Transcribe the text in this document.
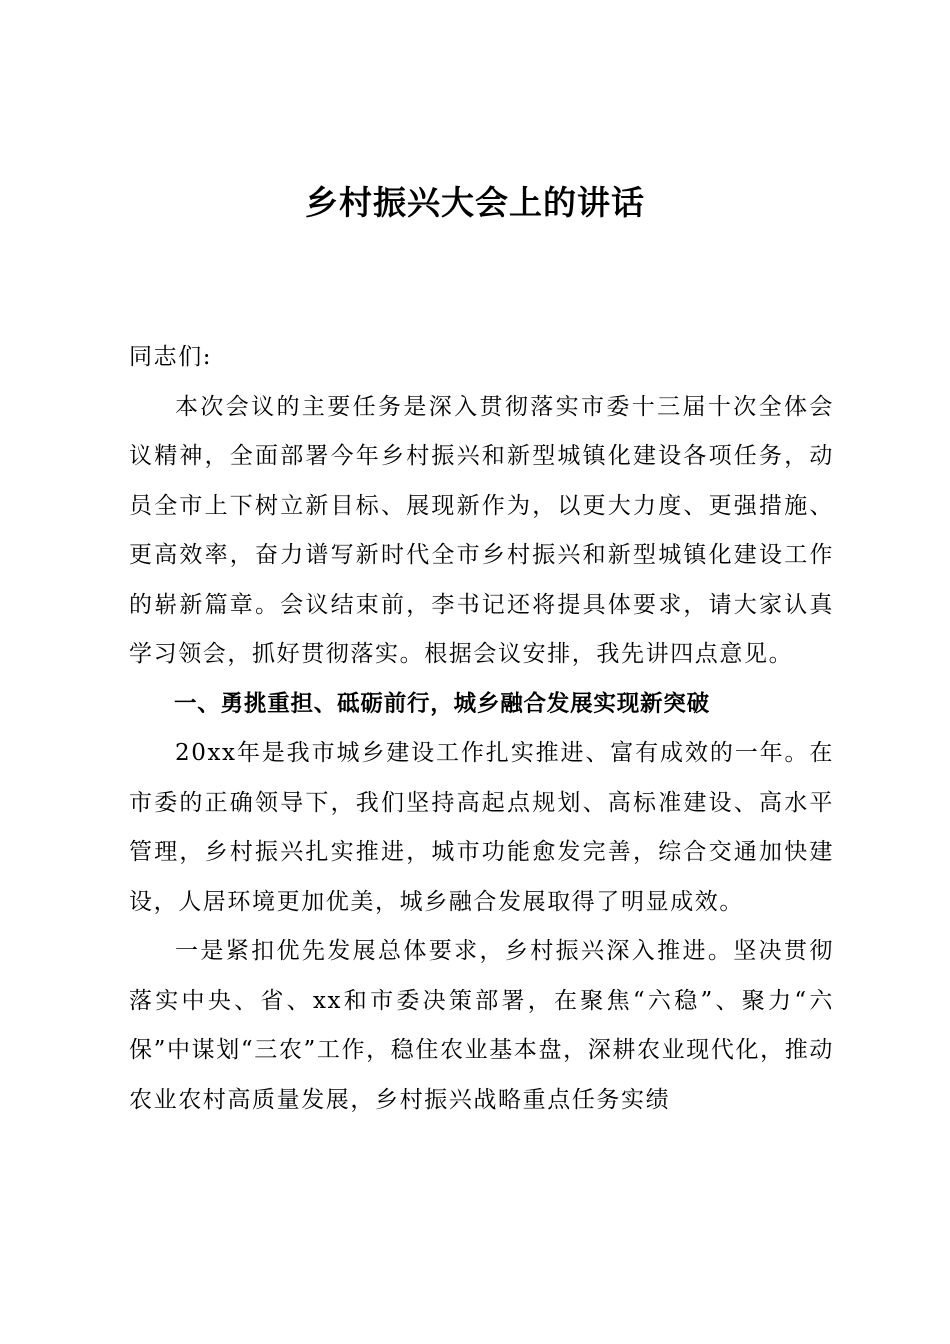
乡村振兴大会上的讲话

同志们:

本次会议的主要任务是深入贯彻落实市委十三届十次全体会议精神，全面部署今年乡村振兴和新型城镇化建设各项任务，动员全市上下树立新目标、展现新作为，以更大力度、更强措施、更高效率，奋力谱写新时代全市乡村振兴和新型城镇化建设工作的崭新篇章。会议结束前，李书记还将提具体要求，请大家认真学习领会，抓好贯彻落实。根据会议安排，我先讲四点意见。

一、勇挑重担、砥砺前行，城乡融合发展实现新突破

20xx年是我市城乡建设工作扎实推进、富有成效的一年。在市委的正确领导下，我们坚持高起点规划、高标准建设、高水平管理，乡村振兴扎实推进，城市功能愈发完善，综合交通加快建设，人居环境更加优美，城乡融合发展取得了明显成效。

一是紧扣优先发展总体要求，乡村振兴深入推进。坚决贯彻落实中央、省、xx和市委决策部署，在聚焦“六稳”、聚力“六保”中谋划“三农”工作，稳住农业基本盘，深耕农业现代化，推动农业农村高质量发展，乡村振兴战略重点任务实绩
